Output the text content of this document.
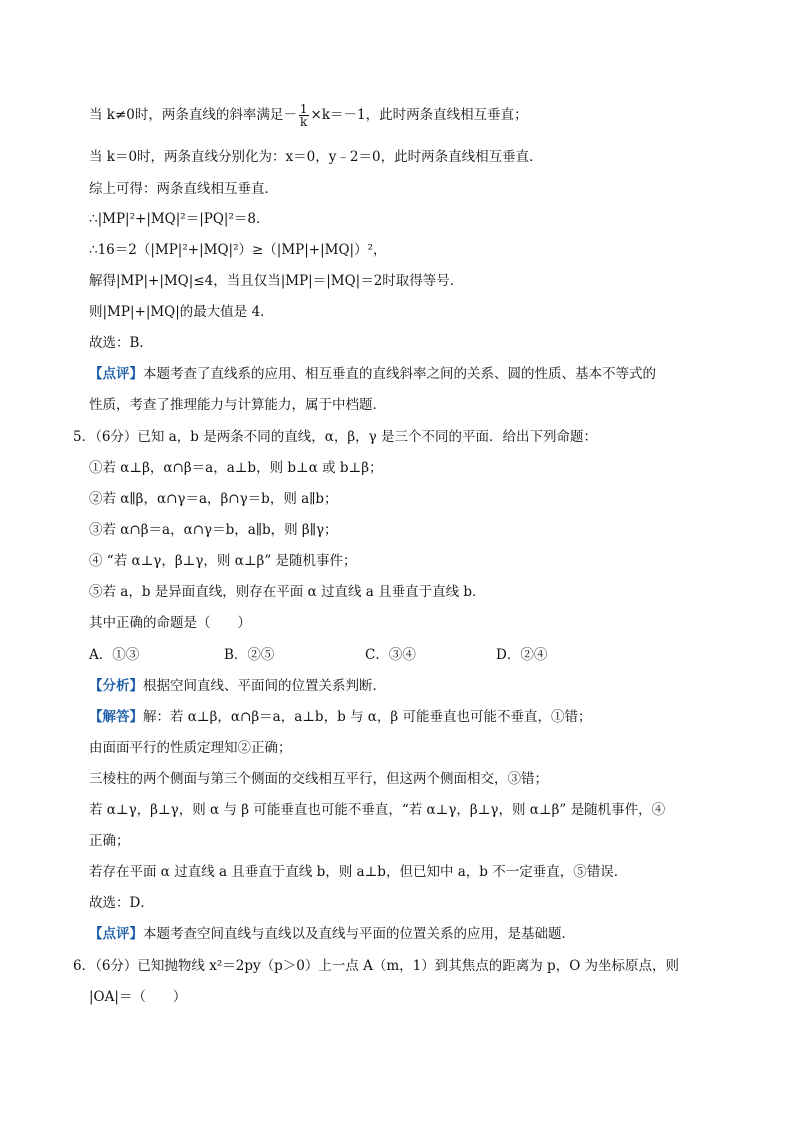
当 k≠0时，两条直线的斜率满足－ $\frac{1}{k} \times k=-1$，此时两条直线相互垂直；
当 k＝0时，两条直线分别化为：x＝0，y﹣2＝0，此时两条直线相互垂直．
综上可得：两条直线相互垂直．
∴|MP|²+|MQ|²＝|PQ|²＝8．
∴16＝2（|MP|²+|MQ|²）≥（|MP|+|MQ|）²，
解得|MP|+|MQ|≤4，当且仅当|MP|＝|MQ|＝2时取得等号．
则|MP|+|MQ|的最大值是 4．
故选：B．
【点评】本题考查了直线系的应用、相互垂直的直线斜率之间的关系、圆的性质、基本不等式的
性质，考查了推理能力与计算能力，属于中档题．
5．（6分）已知 a，b 是两条不同的直线，α，β，γ 是三个不同的平面．给出下列命题：
①若 α⊥β，α∩β＝a，a⊥b，则 b⊥α 或 b⊥β；
②若 α∥β，α∩γ＝a，β∩γ＝b，则 a∥b；
③若 α∩β＝a，α∩γ＝b，a∥b，则 β∥γ；
④ “若 α⊥γ，β⊥γ，则 α⊥β” 是随机事件；
⑤若 a，b 是异面直线，则存在平面 α 过直线 a 且垂直于直线 b．
其中正确的命题是（　　）
A．①③	B．②⑤	C．③④	D．②④
【分析】根据空间直线、平面间的位置关系判断．
【解答】解：若 α⊥β，α∩β＝a，a⊥b，b 与 α，β 可能垂直也可能不垂直，①错；
由面面平行的性质定理知②正确；
三棱柱的两个侧面与第三个侧面的交线相互平行，但这两个侧面相交，③错；
若 α⊥γ，β⊥γ，则 α 与 β 可能垂直也可能不垂直，“若 α⊥γ，β⊥γ，则 α⊥β” 是随机事件，④
正确；
若存在平面 α 过直线 a 且垂直于直线 b，则 a⊥b，但已知中 a，b 不一定垂直，⑤错误．
故选：D．
【点评】本题考查空间直线与直线以及直线与平面的位置关系的应用，是基础题．
6．（6分）已知抛物线 x²＝2py（p＞0）上一点 A（m，1）到其焦点的距离为 p，O 为坐标原点，则
|OA|＝（　　）
